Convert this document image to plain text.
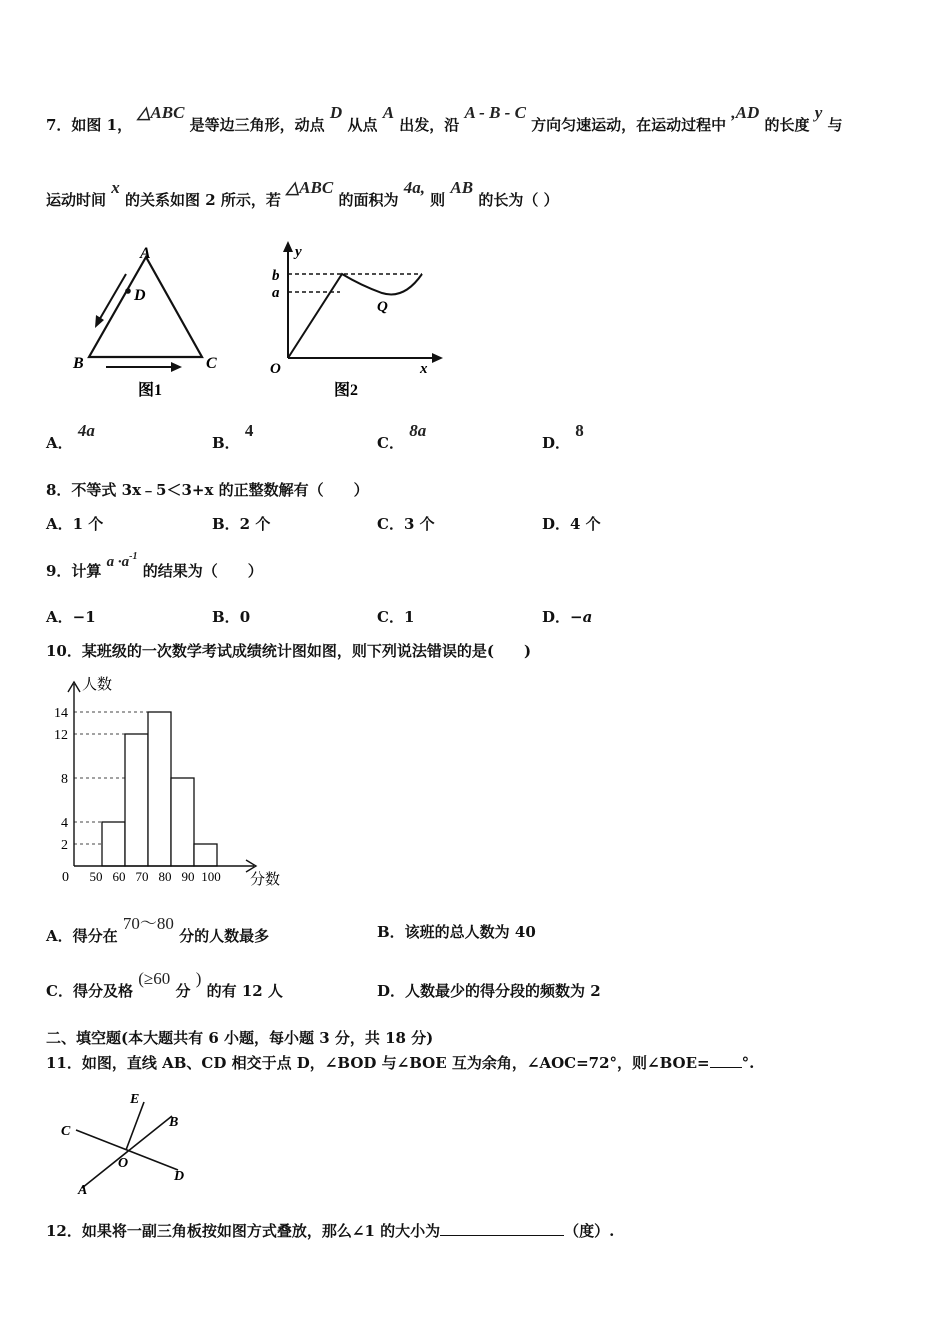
7．如图 1， △ABC 是等边三角形，动点 D 从点 A 出发，沿 A - B - C 方向匀速运动，在运动过程中 ,AD 的长度 y 与
运动时间 x 的关系如图 2 所示，若 △ABC 的面积为 4a, 则 AB 的长为（ ）
A
D
B	C
图1
y
b
a
Q
O	x
图2
A． 4a
B． 4
C． 8a
D． 8
8．不等式 3x﹣5＜3+x 的正整数解有（　　）
A．1 个	B．2 个	C．3 个	D．4 个
9．计算 $a \cdot a^{-1}$ 的结果为（　　）
A．−1	B．0	C．1	D．−a
10．某班级的一次数学考试成绩统计图如图，则下列说法错误的是(　　)
2
4
8
12
14
50 60 70 80 90 100
0
人数
分数
A．得分在 70～80 分的人数最多	B．该班的总人数为 40
C．得分及格 (≥60 分 ) 的有 12 人	D．人数最少的得分段的频数为 2
二、填空题(本大题共有 6 小题，每小题 3 分，共 18 分)
11．如图，直线 AB、CD 相交于点 D，∠BOD 与∠BOE 互为余角，∠AOC=72°，则∠BOE= °.
E
B
C
O
D
A
12．如果将一副三角板按如图方式叠放，那么∠1 的大小为	（度）.
